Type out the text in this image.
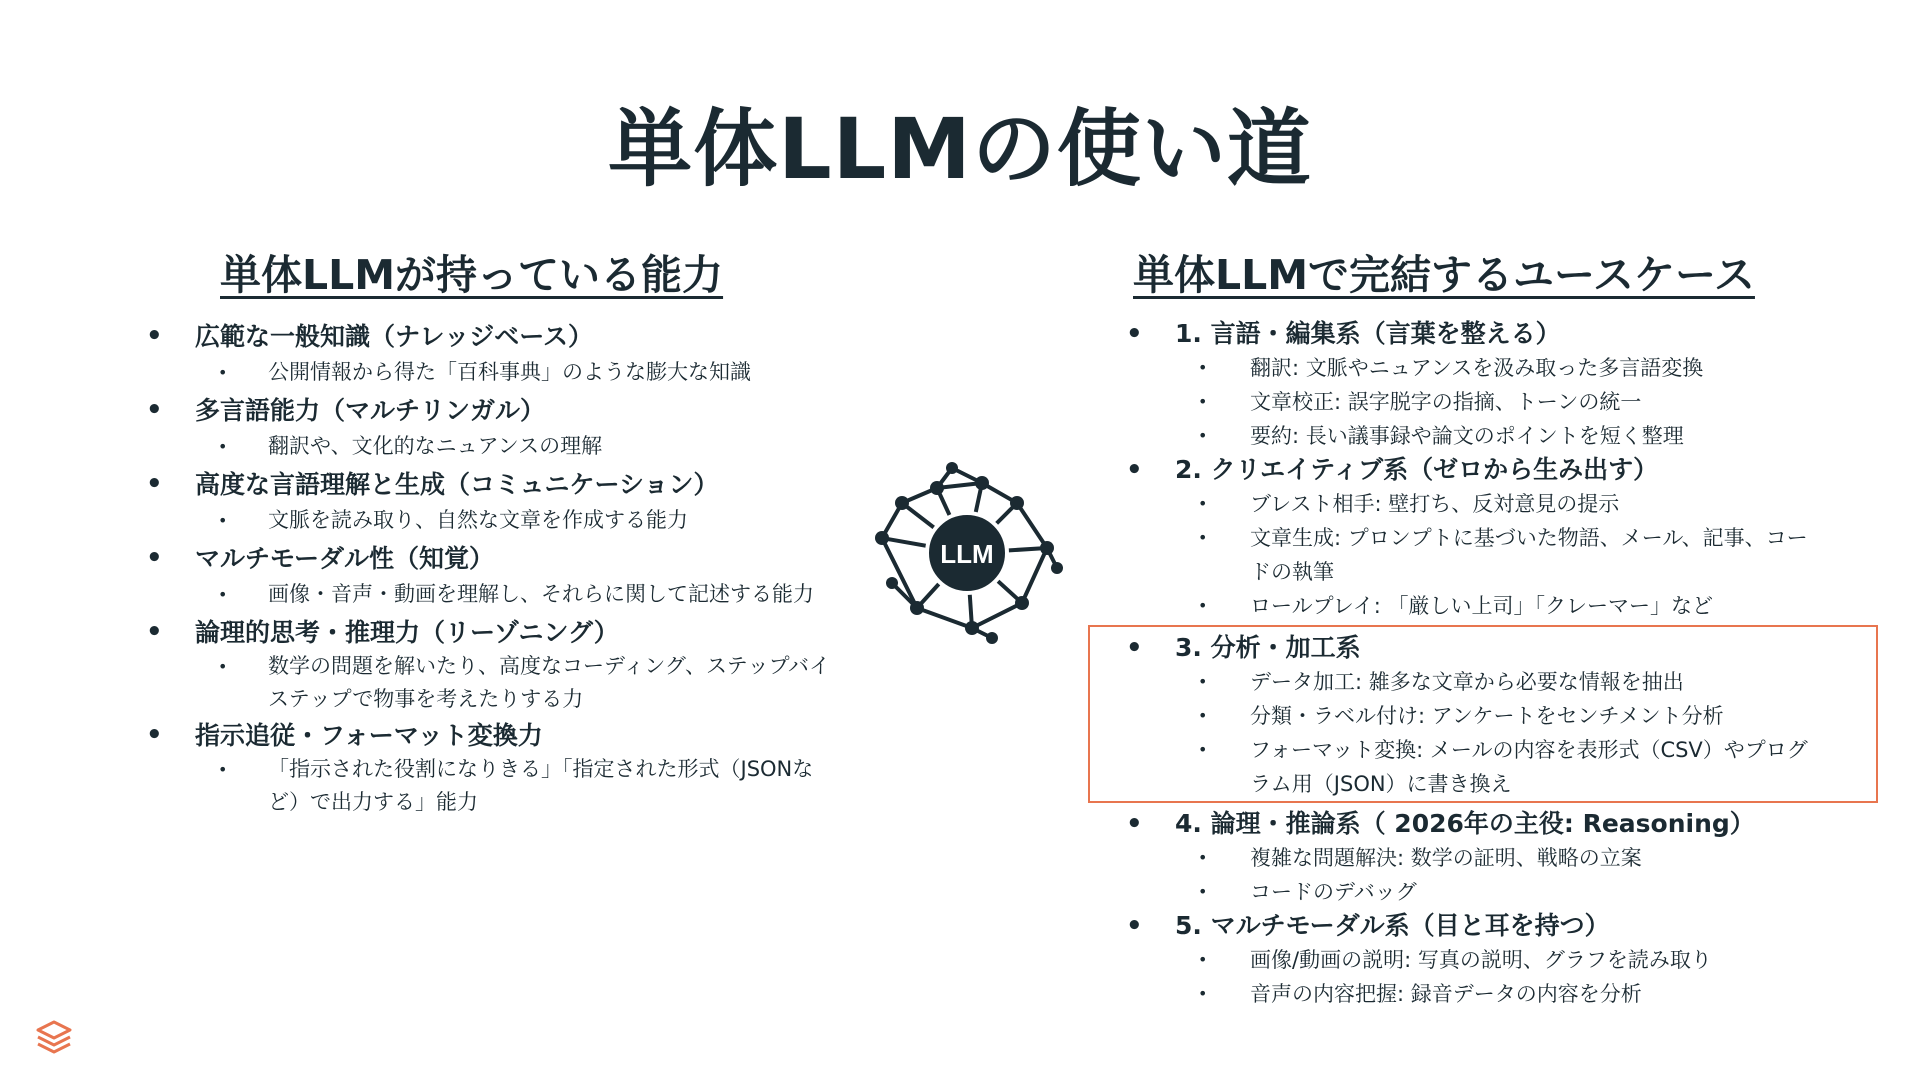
単体LLMの使い道
単体LLMが持っている能力	単体LLMで完結するユースケース
• 広範な一般知識（ナレッジベース）
• 公開情報から得た「百科事典」のような膨大な知識
• 多言語能力（マルチリンガル）
• 翻訳や、文化的なニュアンスの理解
• 高度な言語理解と生成（コミュニケーション）
• 文脈を読み取り、自然な文章を作成する能力
• マルチモーダル性（知覚）
• 画像・音声・動画を理解し、それらに関して記述する能力
• 論理的思考・推理力（リーゾニング）
• 数学の問題を解いたり、高度なコーディング、ステップバイステップで物事を考えたりする力
• 指示追従・フォーマット変換力
• 「指示された役割になりきる」「指定された形式（JSONなど）で出力する」能力
• 1. 言語・編集系（言葉を整える）
• 翻訳: 文脈やニュアンスを汲み取った多言語変換
• 文章校正: 誤字脱字の指摘、トーンの統一
• 要約: 長い議事録や論文のポイントを短く整理
• 2. クリエイティブ系（ゼロから生み出す）
• ブレスト相手: 壁打ち、反対意見の提示
• 文章生成: プロンプトに基づいた物語、メール、記事、コードの執筆
• ロールプレイ: 「厳しい上司」「クレーマー」など
• 3. 分析・加工系
• データ加工: 雑多な文章から必要な情報を抽出
• 分類・ラベル付け: アンケートをセンチメント分析
• フォーマット変換: メールの内容を表形式（CSV）やプログラム用（JSON）に書き換え
• 4. 論理・推論系（ 2026年の主役: Reasoning）
• 複雑な問題解決: 数学の証明、戦略の立案
• コードのデバッグ
• 5. マルチモーダル系（目と耳を持つ）
• 画像/動画の説明: 写真の説明、グラフを読み取り
• 音声の内容把握: 録音データの内容を分析
LLM
